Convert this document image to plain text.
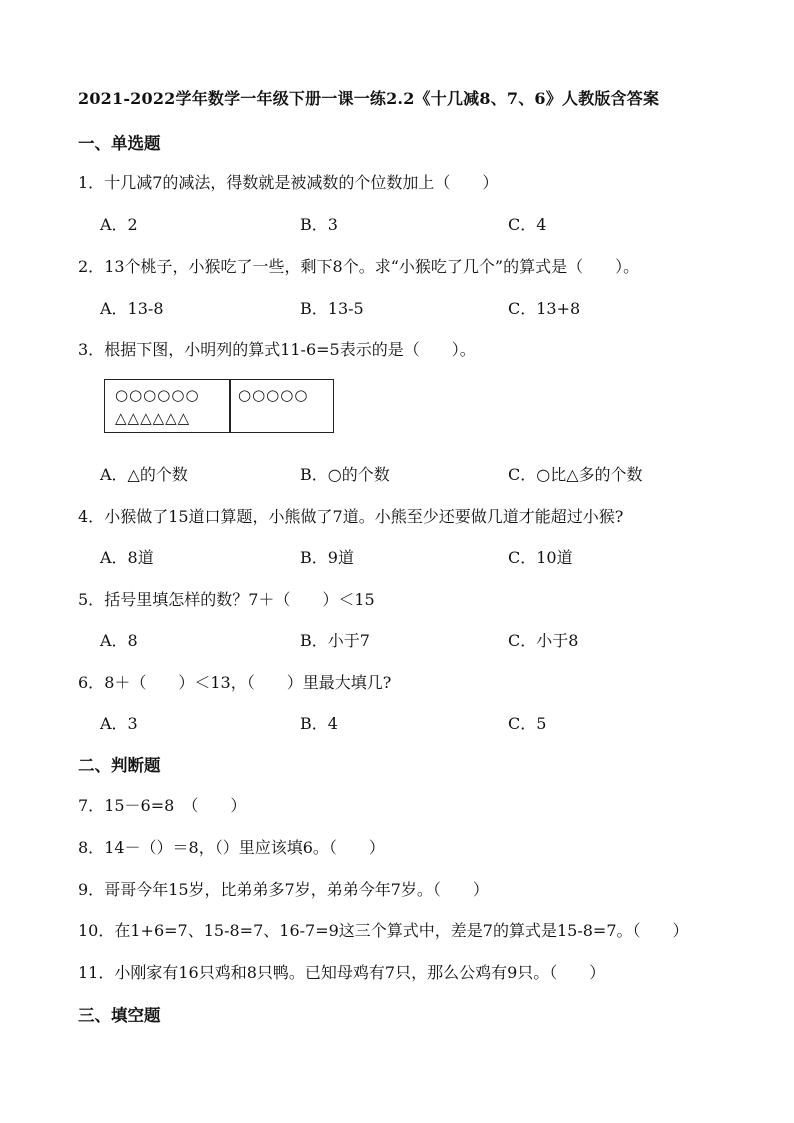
2021-2022学年数学一年级下册一课一练2.2《十几减8、7、6》人教版含答案
一、单选题
1．十几减7的减法，得数就是被减数的个位数加上（　　）
A．2	B．3	C．4
2．13个桃子，小猴吃了一些，剩下8个。求“小猴吃了几个”的算式是（　　）。
A．13-8	B．13-5	C．13+8
3．根据下图，小明列的算式11-6=5表示的是（　　）。
○○○○○○
△△△△△△
○○○○○
A．△的个数	B．○的个数	C．○比△多的个数
4．小猴做了15道口算题，小熊做了7道。小熊至少还要做几道才能超过小猴?
A．8道	B．9道	C．10道
5．括号里填怎样的数？7＋（　　）＜15
A．8	B．小于7	C．小于8
6．8＋（　　）＜13，（　　）里最大填几?
A．3	B．4	C．5
二、判断题
7．15－6=8　（　　）
8．14－（）＝8，（）里应该填6。（　　）
9．哥哥今年15岁，比弟弟多7岁，弟弟今年7岁。（　　）
10．在1+6=7、15-8=7、16-7=9这三个算式中，差是7的算式是15-8=7。（　　）
11．小刚家有16只鸡和8只鸭。已知母鸡有7只，那么公鸡有9只。（　　）
三、填空题
